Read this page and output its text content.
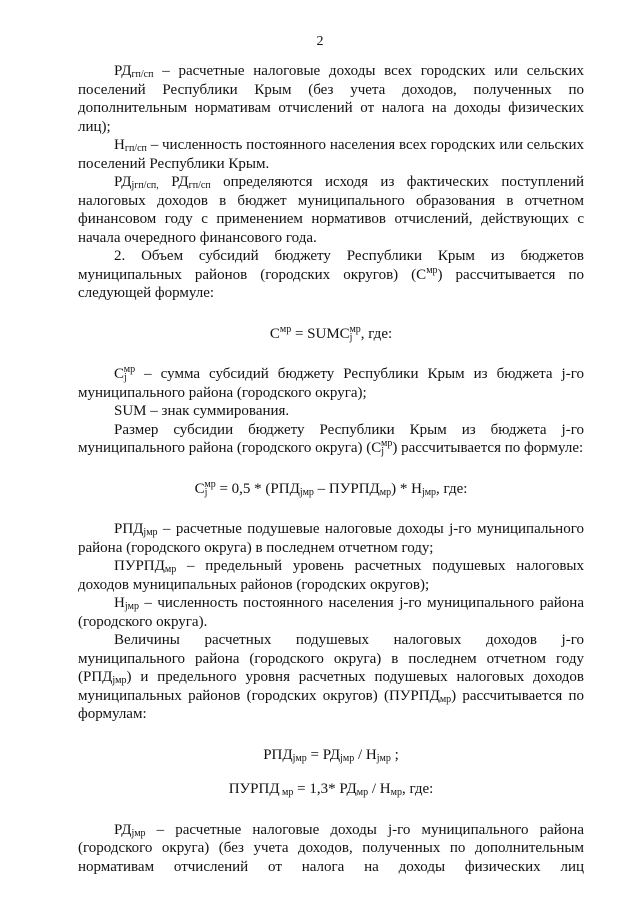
2

$РД_{гп/сп}$ – расчетные налоговые доходы всех городских или сельских поселений Республики Крым (без учета доходов, полученных по дополнительным нормативам отчислений от налога на доходы физических лиц);

$Н_{гп/сп}$ – численность постоянного населения всех городских или сельских поселений Республики Крым.

$РД_{jгп/сп,}$ $РД_{гп/сп}$ определяются исходя из фактических поступлений налоговых доходов в бюджет муниципального образования в отчетном финансовом году с применением нормативов отчислений, действующих с начала очередного финансового года.

2. Объем субсидий бюджету Республики Крым из бюджетов муниципальных районов (городских округов) $(С^{мр})$ рассчитывается по следующей формуле:

$С^{мр}$ = $SUMC_j^{мр}$, где:

$C_j^{мр}$ – сумма субсидий бюджету Республики Крым из бюджета j-го муниципального района (городского округа);

SUM – знак суммирования.

Размер субсидии бюджету Республики Крым из бюджета j-го муниципального района (городского округа) $(C_j^{мр})$ рассчитывается по формуле:

$C_j^{мр} = 0,5 * (РПД_{jмр}$ – $ПУРПД_{мр}) * Н_{jмр}$, где:

$РПД_{jмр}$ – расчетные подушевые налоговые доходы j-го муниципального района (городского округа) в последнем отчетном году;

$ПУРПД_{мр}$ – предельный уровень расчетных подушевых налоговых доходов муниципальных районов (городских округов);

$Н_{jмр}$ – численность постоянного населения j-го муниципального района (городского округа).

Величины расчетных подушевых налоговых доходов j-го муниципального района (городского округа) в последнем отчетном году $(РПД_{jмр})$ и предельного уровня расчетных подушевых налоговых доходов муниципальных районов (городских округов) $(ПУРПД_{мр})$ рассчитывается по формулам:

$РПД_{jмр} = РД_{jмр} / Н_{jмр}$ ;

ПУРПД $_{мр}$ = 1,3* $РД_{мр} / Н_{мр}$, где:

$РД_{jмр}$ – расчетные налоговые доходы j-го муниципального района (городского округа) (без учета доходов, полученных по дополнительным нормативам отчислений от налога на доходы физических лиц
